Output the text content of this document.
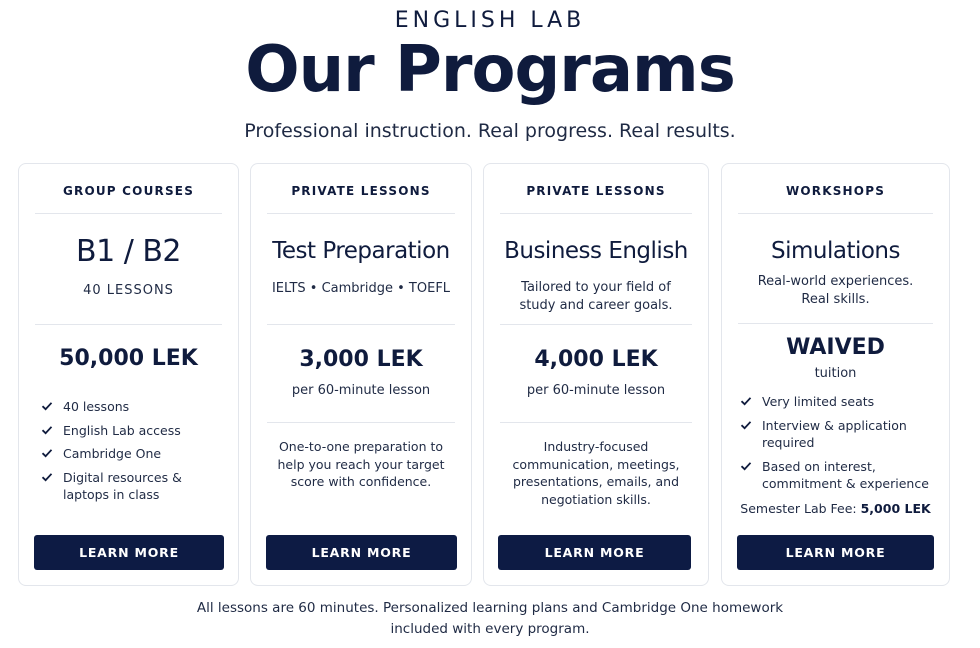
ENGLISH LAB
Our Programs
Professional instruction. Real progress. Real results.
GROUP COURSES
B1 / B2
40 LESSONS
50,000 LEK
40 lessons
English Lab access
Cambridge One
Digital resources & laptops in class
LEARN MORE
PRIVATE LESSONS
Test Preparation
IELTS • Cambridge • TOEFL
3,000 LEK
per 60-minute lesson
One-to-one preparation to help you reach your target score with confidence.
LEARN MORE
PRIVATE LESSONS
Business English
Tailored to your field of study and career goals.
4,000 LEK
per 60-minute lesson
Industry-focused communication, meetings, presentations, emails, and negotiation skills.
LEARN MORE
WORKSHOPS
Simulations
Real-world experiences. Real skills.
WAIVED
tuition
Very limited seats
Interview & application required
Based on interest, commitment & experience
Semester Lab Fee: 5,000 LEK
LEARN MORE
All lessons are 60 minutes. Personalized learning plans and Cambridge One homework included with every program.
